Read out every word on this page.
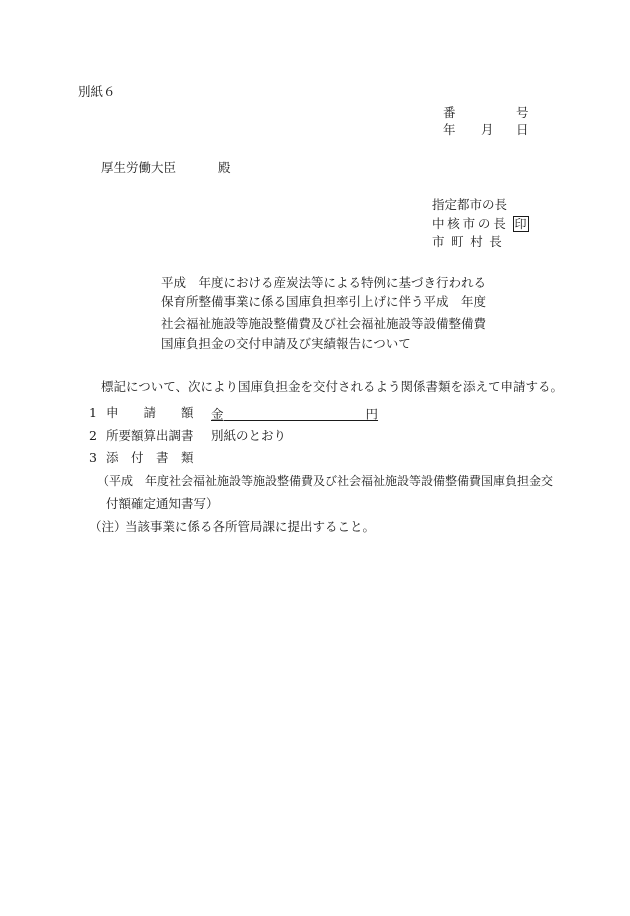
別紙６
番	号
年 月 日
厚生労働大臣	殿
指定都市の長
中核市の長 印
市町村長
平成　年度における産炭法等による特例に基づき行われる
保育所整備事業に係る国庫負担率引上げに伴う平成　年度
社会福祉施設等施設整備費及び社会福祉施設等設備整備費
国庫負担金の交付申請及び実績報告について
標記について、次により国庫負担金を交付されるよう関係書類を添えて申請する。
1 申　　請　　額 金	円
2 所要額算出調書 別紙のとおり
3 添　付　書　類
（平成　年度社会福祉施設等施設整備費及び社会福祉施設等設備整備費国庫負担金交
付額確定通知書写）
（注）
当該事業に係る各所管局課に提出すること。
